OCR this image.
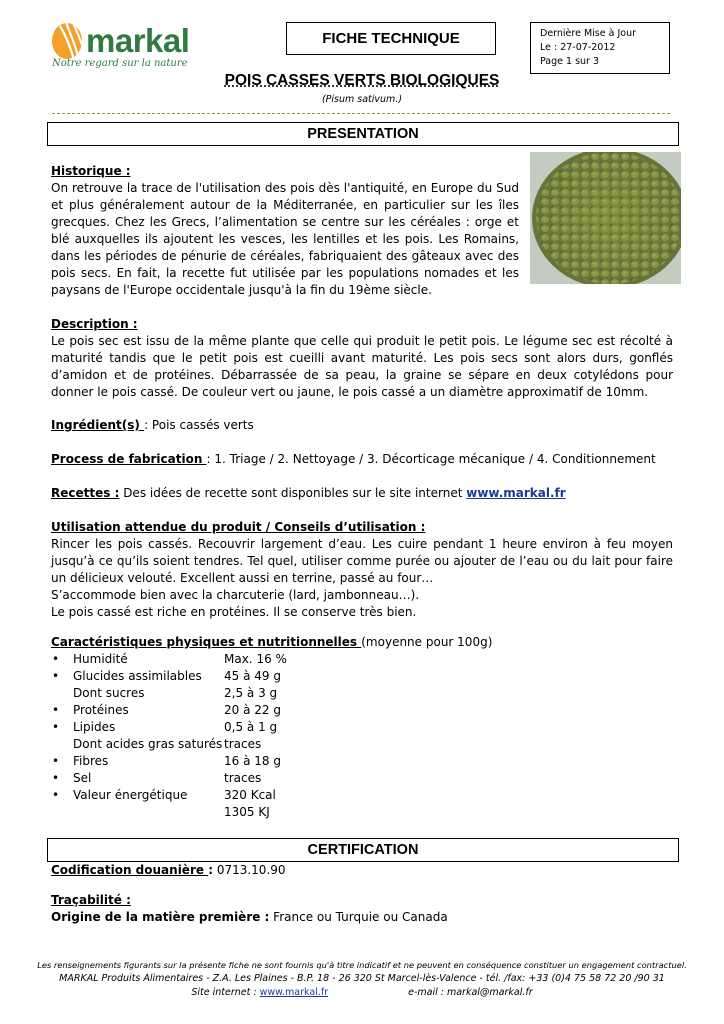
markal
Notre regard sur la nature
FICHE TECHNIQUE	Dernière Mise à Jour
Le : 27-07-2012
Page 1 sur 3
POIS CASSES VERTS BIOLOGIQUES
(Pisum sativum.)
PRESENTATION
Historique :
On retrouve la trace de l'utilisation des pois dès l'antiquité, en Europe du Sud et plus généralement autour de la Méditerranée, en particulier sur les îles grecques. Chez les Grecs, l’alimentation se centre sur les céréales : orge et blé auxquelles ils ajoutent les vesces, les lentilles et les pois. Les Romains, dans les périodes de pénurie de céréales, fabriquaient des gâteaux avec des pois secs. En fait, la recette fut utilisée par les populations nomades et les paysans de l'Europe occidentale jusqu'à la fin du 19ème siècle.
Description :
Le pois sec est issu de la même plante que celle qui produit le petit pois. Le légume sec est récolté à maturité tandis que le petit pois est cueilli avant maturité. Les pois secs sont alors durs, gonflés d’amidon et de protéines. Débarrassée de sa peau, la graine se sépare en deux cotylédons pour donner le pois cassé. De couleur vert ou jaune, le pois cassé a un diamètre approximatif de 10mm.
Ingrédient(s) : Pois cassés verts
Process de fabrication : 1. Triage / 2. Nettoyage / 3. Décorticage mécanique / 4. Conditionnement
Recettes : Des idées de recette sont disponibles sur le site internet www.markal.fr
Utilisation attendue du produit / Conseils d’utilisation :
Rincer les pois cassés. Recouvrir largement d’eau. Les cuire pendant 1 heure environ à feu moyen jusqu’à ce qu’ils soient tendres. Tel quel, utiliser comme purée ou ajouter de l’eau ou du lait pour faire un délicieux velouté. Excellent aussi en terrine, passé au four…
S’accommode bien avec la charcuterie (lard, jambonneau…).
Le pois cassé est riche en protéines. Il se conserve très bien.
Caractéristiques physiques et nutritionnelles (moyenne pour 100g)
• Humidité	Max. 16 %
• Glucides assimilables 45 à 49 g
Dont sucres	2,5 à 3 g
• Protéines	20 à 22 g
• Lipides	0,5 à 1 g
Dont acides gras saturés traces
• Fibres	16 à 18 g
• Sel	traces
• Valeur énergétique	320 Kcal
1305 KJ
CERTIFICATION
Codification douanière : 0713.10.90
Traçabilité :
Origine de la matière première : France ou Turquie ou Canada
Les renseignements figurants sur la présente fiche ne sont fournis qu'à titre indicatif et ne peuvent en conséquence constituer un engagement contractuel.
MARKAL Produits Alimentaires - Z.A. Les Plaines - B.P. 18 - 26 320 St Marcel-lès-Valence - tél. /fax: +33 (0)4 75 58 72 20 /90 31
Site internet : www.markal.fr	e-mail : markal@markal.fr
